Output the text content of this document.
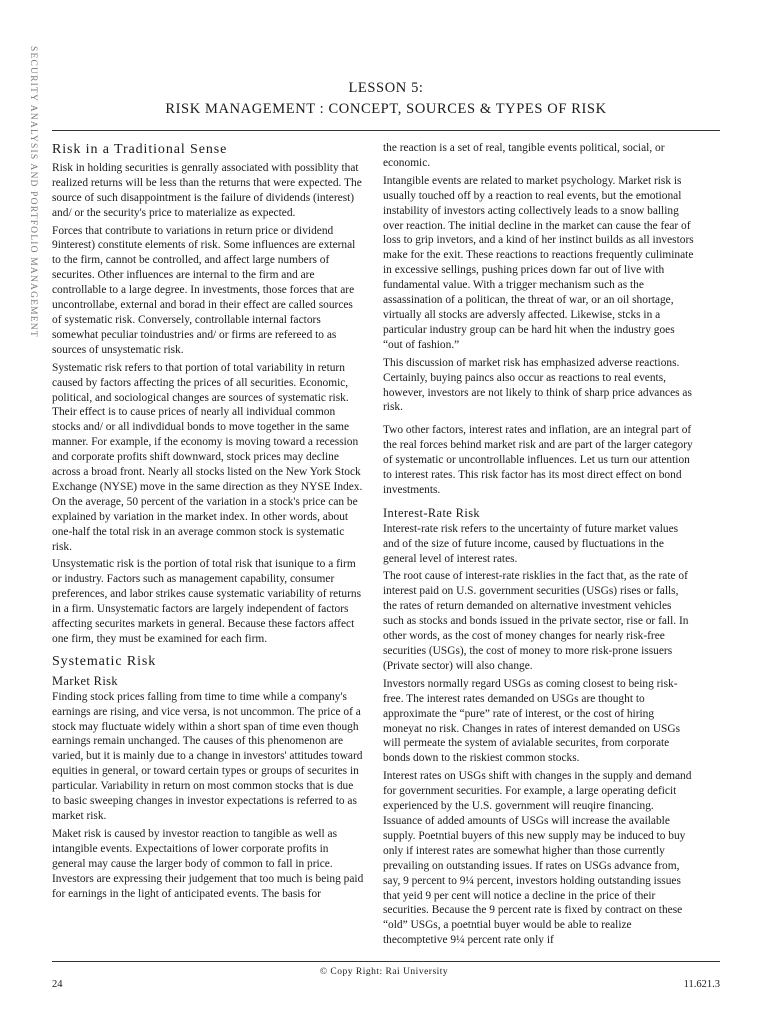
SECURITY ANALYSIS AND PORTFOLIO MANAGEMENT	LESSON 5:
RISK MANAGEMENT : CONCEPT, SOURCES & TYPES OF RISK
Risk in a Traditional Sense

Risk in holding securities is genrally associated with possiblity that realized returns will be less than the returns that were expected. The source of such disappointment is the failure of dividends (interest) and/ or the security's price to materialize as expected.

Forces that contribute to variations in return price or dividend 9interest) constitute elements of risk. Some influences are external to the firm, cannot be controlled, and affect large numbers of securites. Other influences are internal to the firm and are controllable to a large degree. In investments, those forces that are uncontrollabe, external and borad in their effect are called sources of systematic risk. Conversely, controllable internal factors somewhat peculiar toindustries and/ or firms are refereed to as sources of unsystematic risk.

Systematic risk refers to that portion of total variability in return caused by factors affecting the prices of all securities. Economic, political, and sociological changes are sources of systematic risk. Their effect is to cause prices of nearly all individual common stocks and/ or all indivdidual bonds to move together in the same manner. For example, if the economy is moving toward a recession and corporate profits shift downward, stock prices may decline across a broad front. Nearly all stocks listed on the New York Stock Exchange (NYSE) move in the same direction as they NYSE Index. On the average, 50 percent of the variation in a stock's price can be explained by variation in the market index. In other words, about one-half the total risk in an average common stock is systematic risk.

Unsystematic risk is the portion of total risk that isunique to a firm or industry. Factors such as management capability, consumer preferences, and labor strikes cause systematic variability of returns in a firm. Unsystematic factors are largely independent of factors affecting securites markets in general. Because these factors affect one firm, they must be examined for each firm.

Systematic Risk
Market Risk

Finding stock prices falling from time to time while a company's earnings are rising, and vice versa, is not uncommon. The price of a stock may fluctuate widely within a short span of time even though earnings remain unchanged. The causes of this phenomenon are varied, but it is mainly due to a change in investors' attitudes toward equities in general, or toward certain types or groups of securites in particular. Variability in return on most common stocks that is due to basic sweeping changes in investor expectations is referred to as market risk.

Maket risk is caused by investor reaction to tangible as well as intangible events. Expectaitions of lower corporate profits in general may cause the larger body of common to fall in price. Investors are expressing their judgement that too much is being paid for earnings in the light of anticipated events. The basis for

the reaction is a set of real, tangible events political, social, or economic.

Intangible events are related to market psychology. Market risk is usually touched off by a reaction to real events, but the emotional instability of investors acting collectively leads to a snow balling over reaction. The initial decline in the market can cause the fear of loss to grip invetors, and a kind of her instinct builds as all investors make for the exit. These reactions to reactions frequently culiminate in excessive sellings, pushing prices down far out of live with fundamental value. With a trigger mechanism such as the assassination of a politican, the threat of war, or an oil shortage, virtually all stocks are adversly affected. Likewise, stcks in a particular industry group can be hard hit when the industry goes “out of fashion.”

This discussion of market risk has emphasized adverse reactions. Certainly, buying paincs also occur as reactions to real events, however, investors are not likely to think of sharp price advances as risk.

Two other factors, interest rates and inflation, are an integral part of the real forces behind market risk and are part of the larger category of systematic or uncontrollable influences. Let us turn our attention to interest rates. This risk factor has its most direct effect on bond investments.

Interest-Rate Risk

Interest-rate risk refers to the uncertainty of future market values and of the size of future income, caused by fluctuations in the general level of interest rates.

The root cause of interest-rate risklies in the fact that, as the rate of interest paid on U.S. government securities (USGs) rises or falls, the rates of return demanded on alternative investment vehicles such as stocks and bonds issued in the private sector, rise or fall. In other words, as the cost of money changes for nearly risk-free securities (USGs), the cost of money to more risk-prone issuers (Private sector) will also change.

Investors normally regard USGs as coming closest to being risk-free. The interest rates demanded on USGs are thought to approximate the “pure” rate of interest, or the cost of hiring moneyat no risk. Changes in rates of interest demanded on USGs will permeate the system of avialable securites, from corporate bonds down to the riskiest common stocks.

Interest rates on USGs shift with changes in the supply and demand for government securities. For example, a large operating deficit experienced by the U.S. government will reuqire financing. Issuance of added amounts of USGs will increase the available supply. Poetntial buyers of this new supply may be induced to buy only if interest rates are somewhat higher than those currently prevailing on outstanding issues. If rates on USGs advance from, say, 9 percent to 9¼ percent, investors holding outstanding issues that yeid 9 per cent will notice a decline in the price of their securities. Because the 9 percent rate is fixed by contract on these “old” USGs, a poetntial buyer would be able to realize thecomptetive 9¼ percent rate only if

24
© Copy Right: Rai University
11.621.3
